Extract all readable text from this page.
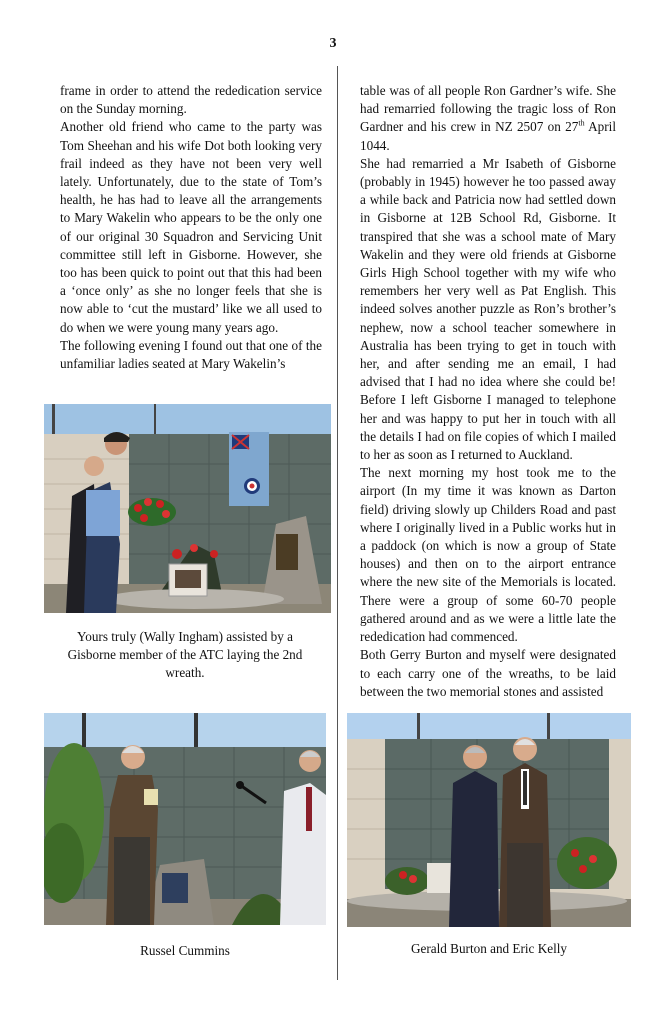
3

frame in order to attend the rededication service on the Sunday morning.

Another old friend who came to the party was Tom Sheehan and his wife Dot both looking very frail indeed as they have not been very well lately. Unfortunately, due to the state of Tom’s health, he has had to leave all the arrangements to Mary Wakelin who appears to be the only one of our original 30 Squadron and Servicing Unit committee still left in Gisborne. However, she too has been quick to point out that this had been a ‘once only’ as she no longer feels that she is now able to ‘cut the mustard’ like we all used to do when we were young many years ago.

The following evening I found out that one of the unfamiliar ladies seated at Mary Wakelin’s

table was of all people Ron Gardner’s wife. She had remarried following the tragic loss of Ron Gardner and his crew in NZ 2507 on 27th April 1044.

She had remarried a Mr Isabeth of Gisborne (probably in 1945) however he too passed away a while back and Patricia now had settled down in Gisborne at 12B School Rd, Gisborne. It transpired that she was a school mate of Mary Wakelin and they were old friends at Gisborne Girls High School together with my wife who remembers her very well as Pat English. This indeed solves another puzzle as Ron’s brother’s nephew, now a school teacher somewhere in Australia has been trying to get in touch with her, and after sending me an email, I had advised that I had no idea where she could be! Before I left Gisborne I managed to telephone her and was happy to put her in touch with all the details I had on file copies of which I mailed to her as soon as I returned to Auckland.

The next morning my host took me to the airport (In my time it was known as Darton field) driving slowly up Childers Road and past where I originally lived in a Public works hut in a paddock (on which is now a group of State houses) and then on to the airport entrance where the new site of the Memorials is located. There were a group of some 60-70 people gathered around and as we were a little late the rededication had commenced.

Both Gerry Burton and myself were designated to each carry one of the wreaths, to be laid between the two memorial stones and assisted

Yours truly (Wally Ingham) assisted by a Gisborne member of the ATC laying the 2nd wreath.
Russel Cummins	Gerald Burton and Eric Kelly
